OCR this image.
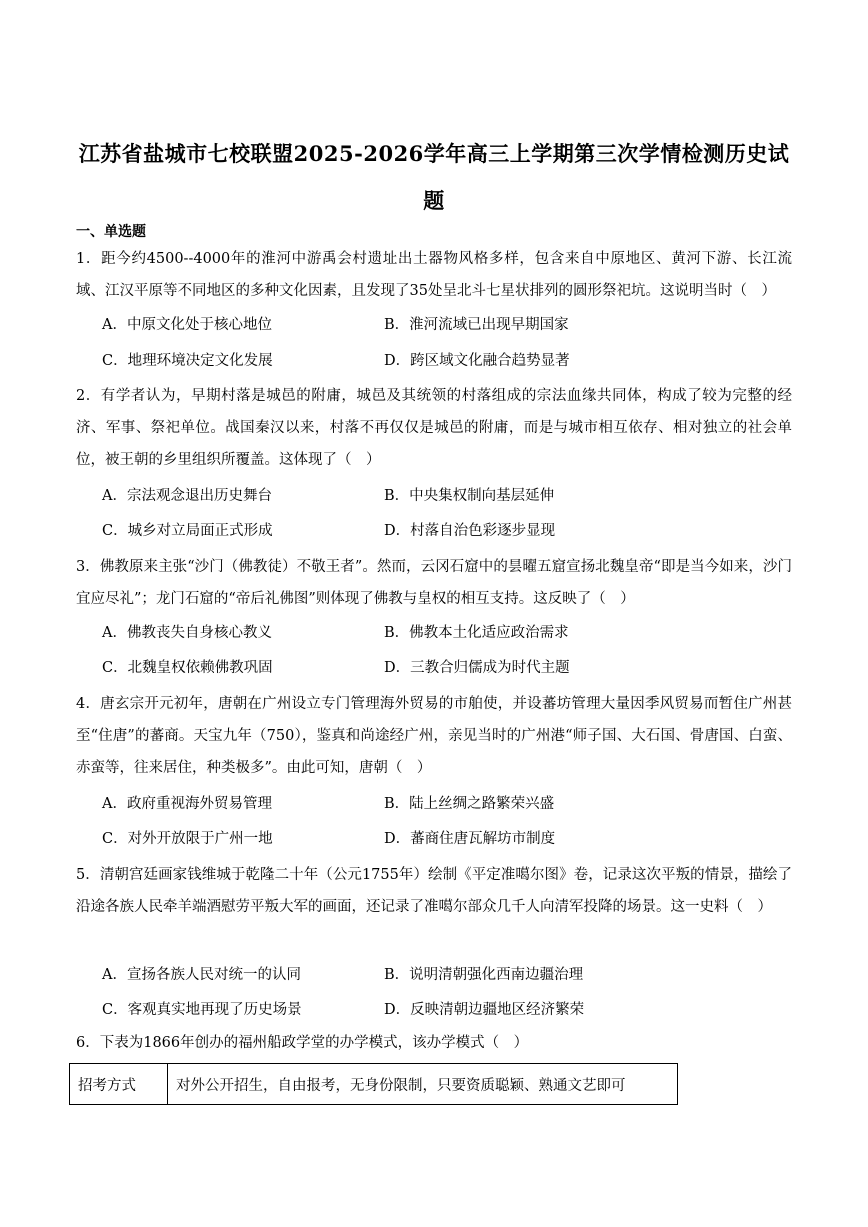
江苏省盐城市七校联盟2025-2026学年高三上学期第三次学情检测历史试
题
一、单选题
1．距今约4500--4000年的淮河中游禹会村遗址出土器物风格多样，包含来自中原地区、黄河下游、长江流域、江汉平原等不同地区的多种文化因素，且发现了35处呈北斗七星状排列的圆形祭祀坑。这说明当时（　）
A．中原文化处于核心地位	B．淮河流域已出现早期国家
C．地理环境决定文化发展	D．跨区域文化融合趋势显著
2．有学者认为，早期村落是城邑的附庸，城邑及其统领的村落组成的宗法血缘共同体，构成了较为完整的经济、军事、祭祀单位。战国秦汉以来，村落不再仅仅是城邑的附庸，而是与城市相互依存、相对独立的社会单位，被王朝的乡里组织所覆盖。这体现了（　）
A．宗法观念退出历史舞台	B．中央集权制向基层延伸
C．城乡对立局面正式形成	D．村落自治色彩逐步显现
3．佛教原来主张“沙门（佛教徒）不敬王者”。然而，云冈石窟中的昙曜五窟宣扬北魏皇帝“即是当今如来，沙门宜应尽礼”；龙门石窟的“帝后礼佛图”则体现了佛教与皇权的相互支持。这反映了（　）
A．佛教丧失自身核心教义	B．佛教本土化适应政治需求
C．北魏皇权依赖佛教巩固	D．三教合归儒成为时代主题
4．唐玄宗开元初年，唐朝在广州设立专门管理海外贸易的市舶使，并设蕃坊管理大量因季风贸易而暂住广州甚至“住唐”的蕃商。天宝九年（750），鉴真和尚途经广州，亲见当时的广州港“师子国、大石国、骨唐国、白蛮、赤蛮等，往来居住，种类极多”。由此可知，唐朝（　）
A．政府重视海外贸易管理	B．陆上丝绸之路繁荣兴盛
C．对外开放限于广州一地	D．蕃商住唐瓦解坊市制度
5．清朝宫廷画家钱维城于乾隆二十年（公元1755年）绘制《平定准噶尔图》卷，记录这次平叛的情景，描绘了沿途各族人民牵羊端酒慰劳平叛大军的画面，还记录了准噶尔部众几千人向清军投降的场景。这一史料（　）
A．宣扬各族人民对统一的认同	B．说明清朝强化西南边疆治理
C．客观真实地再现了历史场景	D．反映清朝边疆地区经济繁荣
6．下表为1866年创办的福州船政学堂的办学模式，该办学模式（　）
招考方式	对外公开招生，自由报考，无身份限制，只要资质聪颖、熟通文艺即可
